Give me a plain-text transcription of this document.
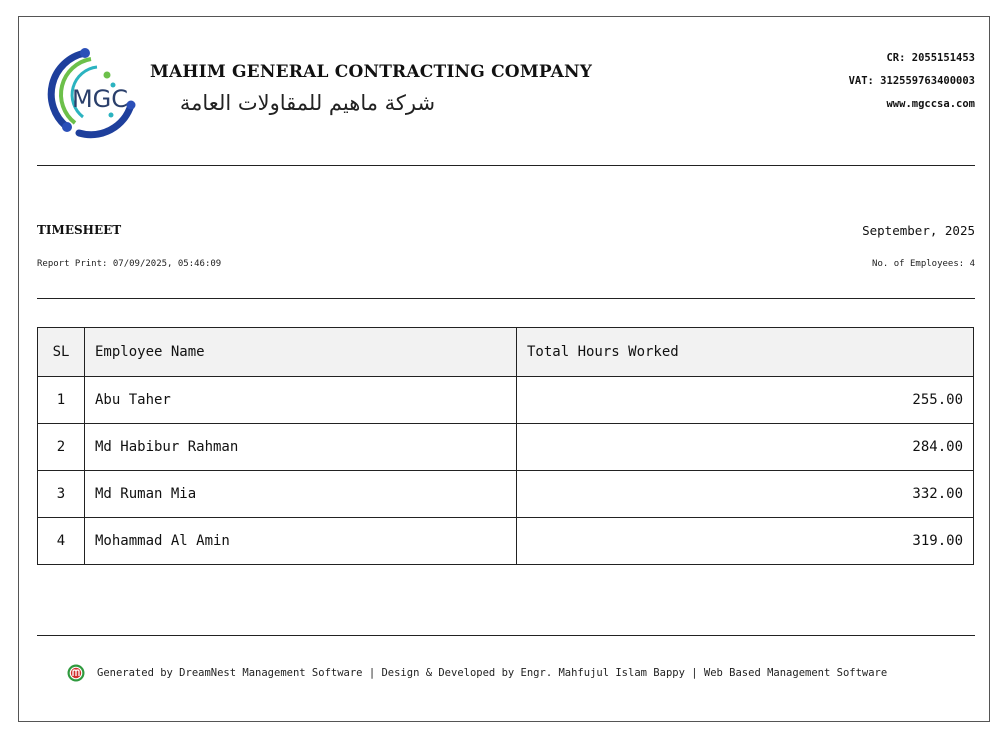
MGC
MAHIM GENERAL CONTRACTING COMPANY
شركة ماهيم للمقاولات العامة
CR: 2055151453
VAT: 312559763400003
www.mgccsa.com
TIMESHEET
Report Print: 07/09/2025, 05:46:09
September, 2025
No. of Employees: 4
SL	Employee Name	Total Hours Worked
1	Abu Taher	255.00
2	Md Habibur Rahman	284.00
3	Md Ruman Mia	332.00
4	Mohammad Al Amin	319.00
Generated by DreamNest Management Software | Design & Developed by Engr. Mahfujul Islam Bappy | Web Based Management Software
